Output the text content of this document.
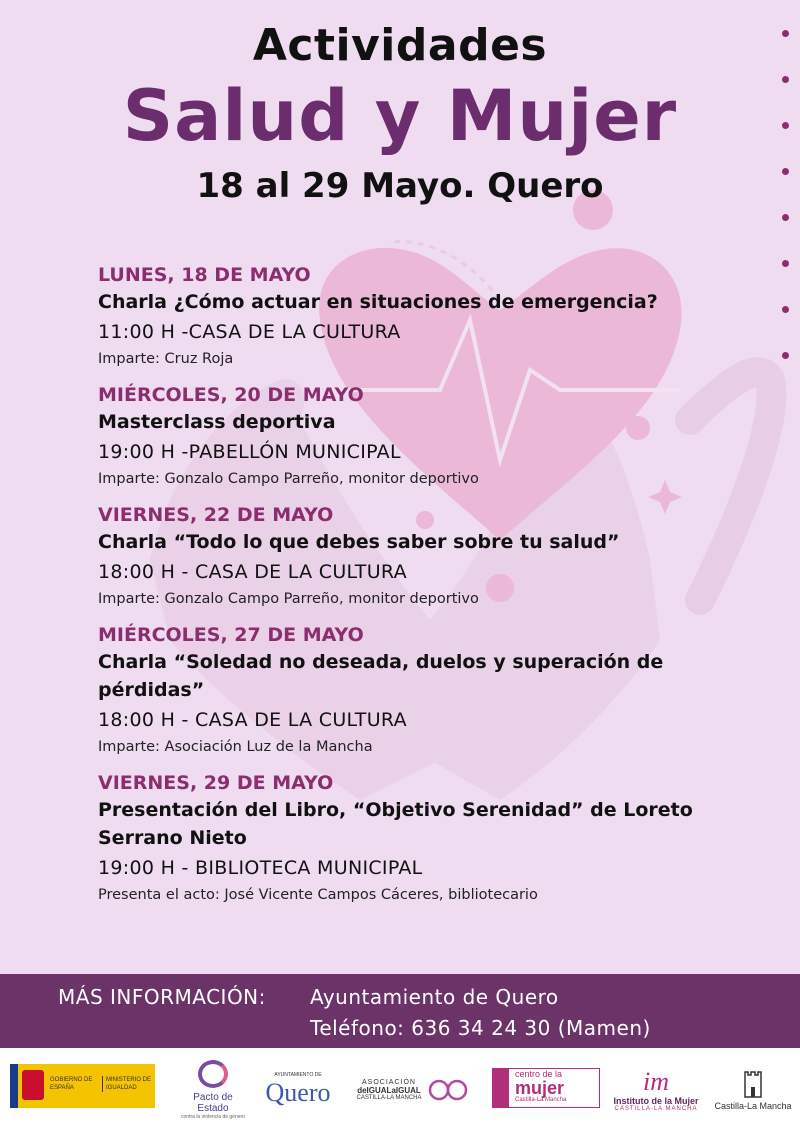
Actividades
Salud y Mujer
18 al 29 Mayo. Quero
LUNES, 18 DE MAYO
Charla ¿Cómo actuar en situaciones de emergencia?
11:00 H -CASA DE LA CULTURA
Imparte: Cruz Roja
MIÉRCOLES, 20 DE MAYO
Masterclass deportiva
19:00 H -PABELLÓN MUNICIPAL
Imparte: Gonzalo Campo Parreño, monitor deportivo
VIERNES, 22 DE MAYO
Charla “Todo lo que debes saber sobre tu salud”
18:00 H - CASA DE LA CULTURA
Imparte: Gonzalo Campo Parreño, monitor deportivo
MIÉRCOLES, 27 DE MAYO
Charla “Soledad no deseada, duelos y superación de pérdidas”
18:00 H - CASA DE LA CULTURA
Imparte: Asociación Luz de la Mancha
VIERNES, 29 DE MAYO
Presentación del Libro, “Objetivo Serenidad” de Loreto Serrano Nieto
19:00 H - BIBLIOTECA MUNICIPAL
Presenta el acto: José Vicente Campos Cáceres, bibliotecario
MÁS INFORMACIÓN: Ayuntamiento de Quero
Teléfono: 636 34 24 30 (Mamen)
GOBIERNO DE ESPAÑA
MINISTERIO DE IGUALDAD
Pacto de Estado
contra la violencia de género
AYUNTAMIENTO DE
Quero	ASOCIACIÓN
deIGUALaIGUAL
CASTILLA-LA MANCHA
centro de la
mujer
Castilla-La Mancha
im
Instituto de la Mujer
CASTILLA-LA MANCHA Castilla-La Mancha
